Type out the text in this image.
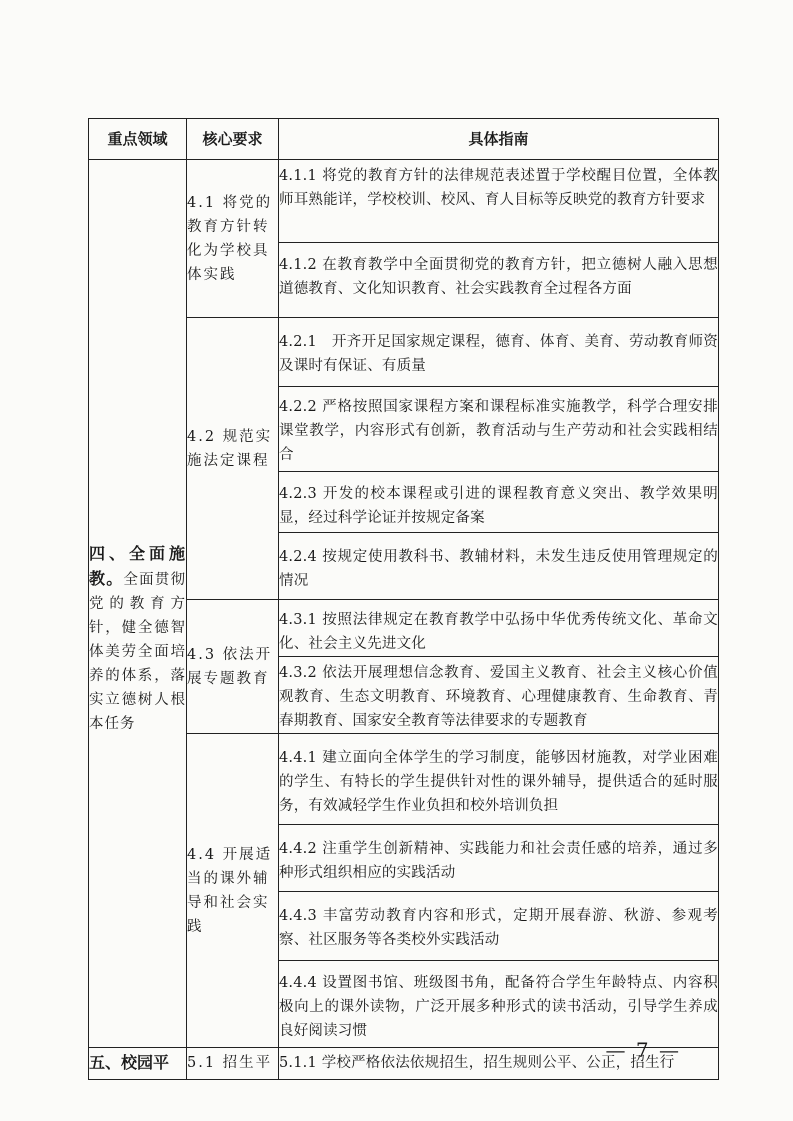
重点领域	核心要求	具体指南

四、全面施教。全面贯彻党的教育方针，健全德智体美劳全面培养的体系，落实立德树人根本任务	4.1 将党的教育方针转化为学校具体实践	4.1.1 将党的教育方针的法律规范表述置于学校醒目位置，全体教师耳熟能详，学校校训、校风、育人目标等反映党的教育方针要求

		4.1.2 在教育教学中全面贯彻党的教育方针，把立德树人融入思想道德教育、文化知识教育、社会实践教育全过程各方面

	4.2 规范实施法定课程	4.2.1　开齐开足国家规定课程，德育、体育、美育、劳动教育师资及课时有保证、有质量

		4.2.2 严格按照国家课程方案和课程标准实施教学，科学合理安排课堂教学，内容形式有创新，教育活动与生产劳动和社会实践相结合

		4.2.3 开发的校本课程或引进的课程教育意义突出、教学效果明显，经过科学论证并按规定备案

		4.2.4 按规定使用教科书、教辅材料，未发生违反使用管理规定的情况

	4.3 依法开展专题教育	4.3.1 按照法律规定在教育教学中弘扬中华优秀传统文化、革命文化、社会主义先进文化

		4.3.2 依法开展理想信念教育、爱国主义教育、社会主义核心价值观教育、生态文明教育、环境教育、心理健康教育、生命教育、青春期教育、国家安全教育等法律要求的专题教育

	4.4 开展适当的课外辅导和社会实践	4.4.1 建立面向全体学生的学习制度，能够因材施教，对学业困难的学生、有特长的学生提供针对性的课外辅导，提供适合的延时服务，有效减轻学生作业负担和校外培训负担

		4.4.2 注重学生创新精神、实践能力和社会责任感的培养，通过多种形式组织相应的实践活动

		4.4.3 丰富劳动教育内容和形式，定期开展春游、秋游、参观考察、社区服务等各类校外实践活动

		4.4.4 设置图书馆、班级图书角，配备符合学生年龄特点、内容积极向上的课外读物，广泛开展多种形式的读书活动，引导学生养成良好阅读习惯

五、校园平	5.1 招生平	5.1.1 学校严格依法依规招生，招生规则公平、公正，招生行
— 7 —
